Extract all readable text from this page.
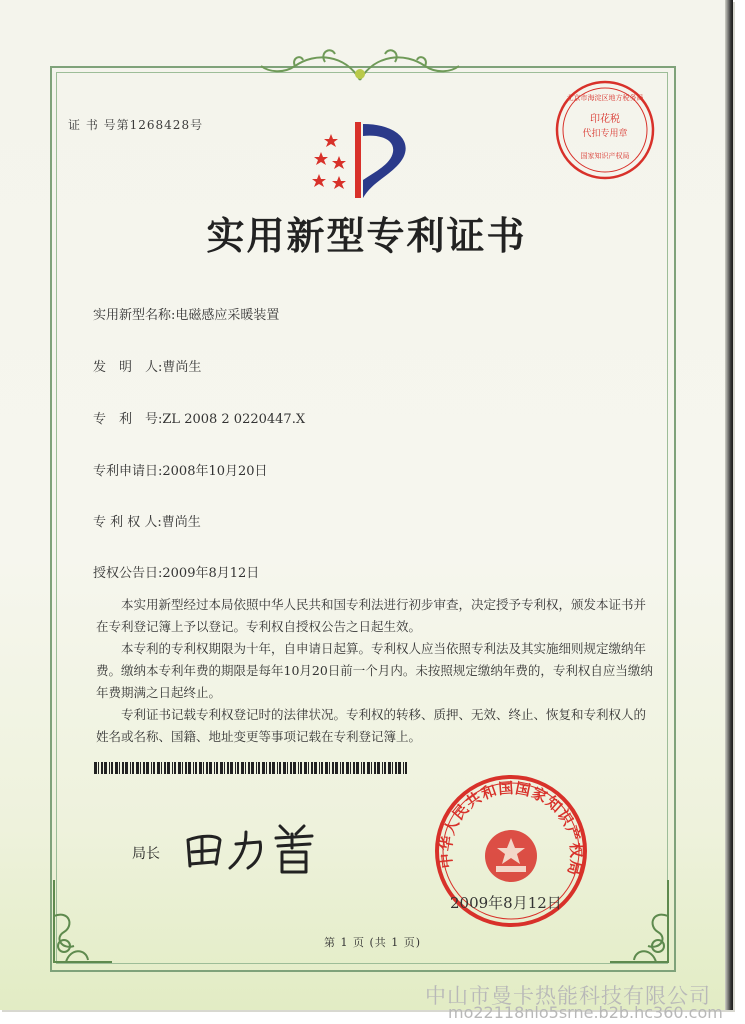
证 书 号第1268428号
实用新型专利证书
印花税
代扣专用章
国家知识产权局
北京市海淀区地方税务局
实用新型名称:电磁感应采暖装置
发　明　人:曹尚生
专　利　号:ZL 2008 2 0220447.X
专利申请日:2008年10月20日
专 利 权 人:曹尚生
授权公告日:2009年8月12日

本实用新型经过本局依照中华人民共和国专利法进行初步审查，决定授予专利权，颁发本证书并在专利登记簿上予以登记。专利权自授权公告之日起生效。

本专利的专利权期限为十年，自申请日起算。专利权人应当依照专利法及其实施细则规定缴纳年费。缴纳本专利年费的期限是每年10月20日前一个月内。未按照规定缴纳年费的，专利权自应当缴纳年费期满之日起终止。

专利证书记载专利权登记时的法律状况。专利权的转移、质押、无效、终止、恢复和专利权人的姓名或名称、国籍、地址变更等事项记载在专利登记簿上。

局长	中华人民共和国国家知识产权局
2009年8月12日
第 1 页 (共 1 页)
中山市曼卡热能科技有限公司
mo22118nlo5srne.b2b.hc360.com
